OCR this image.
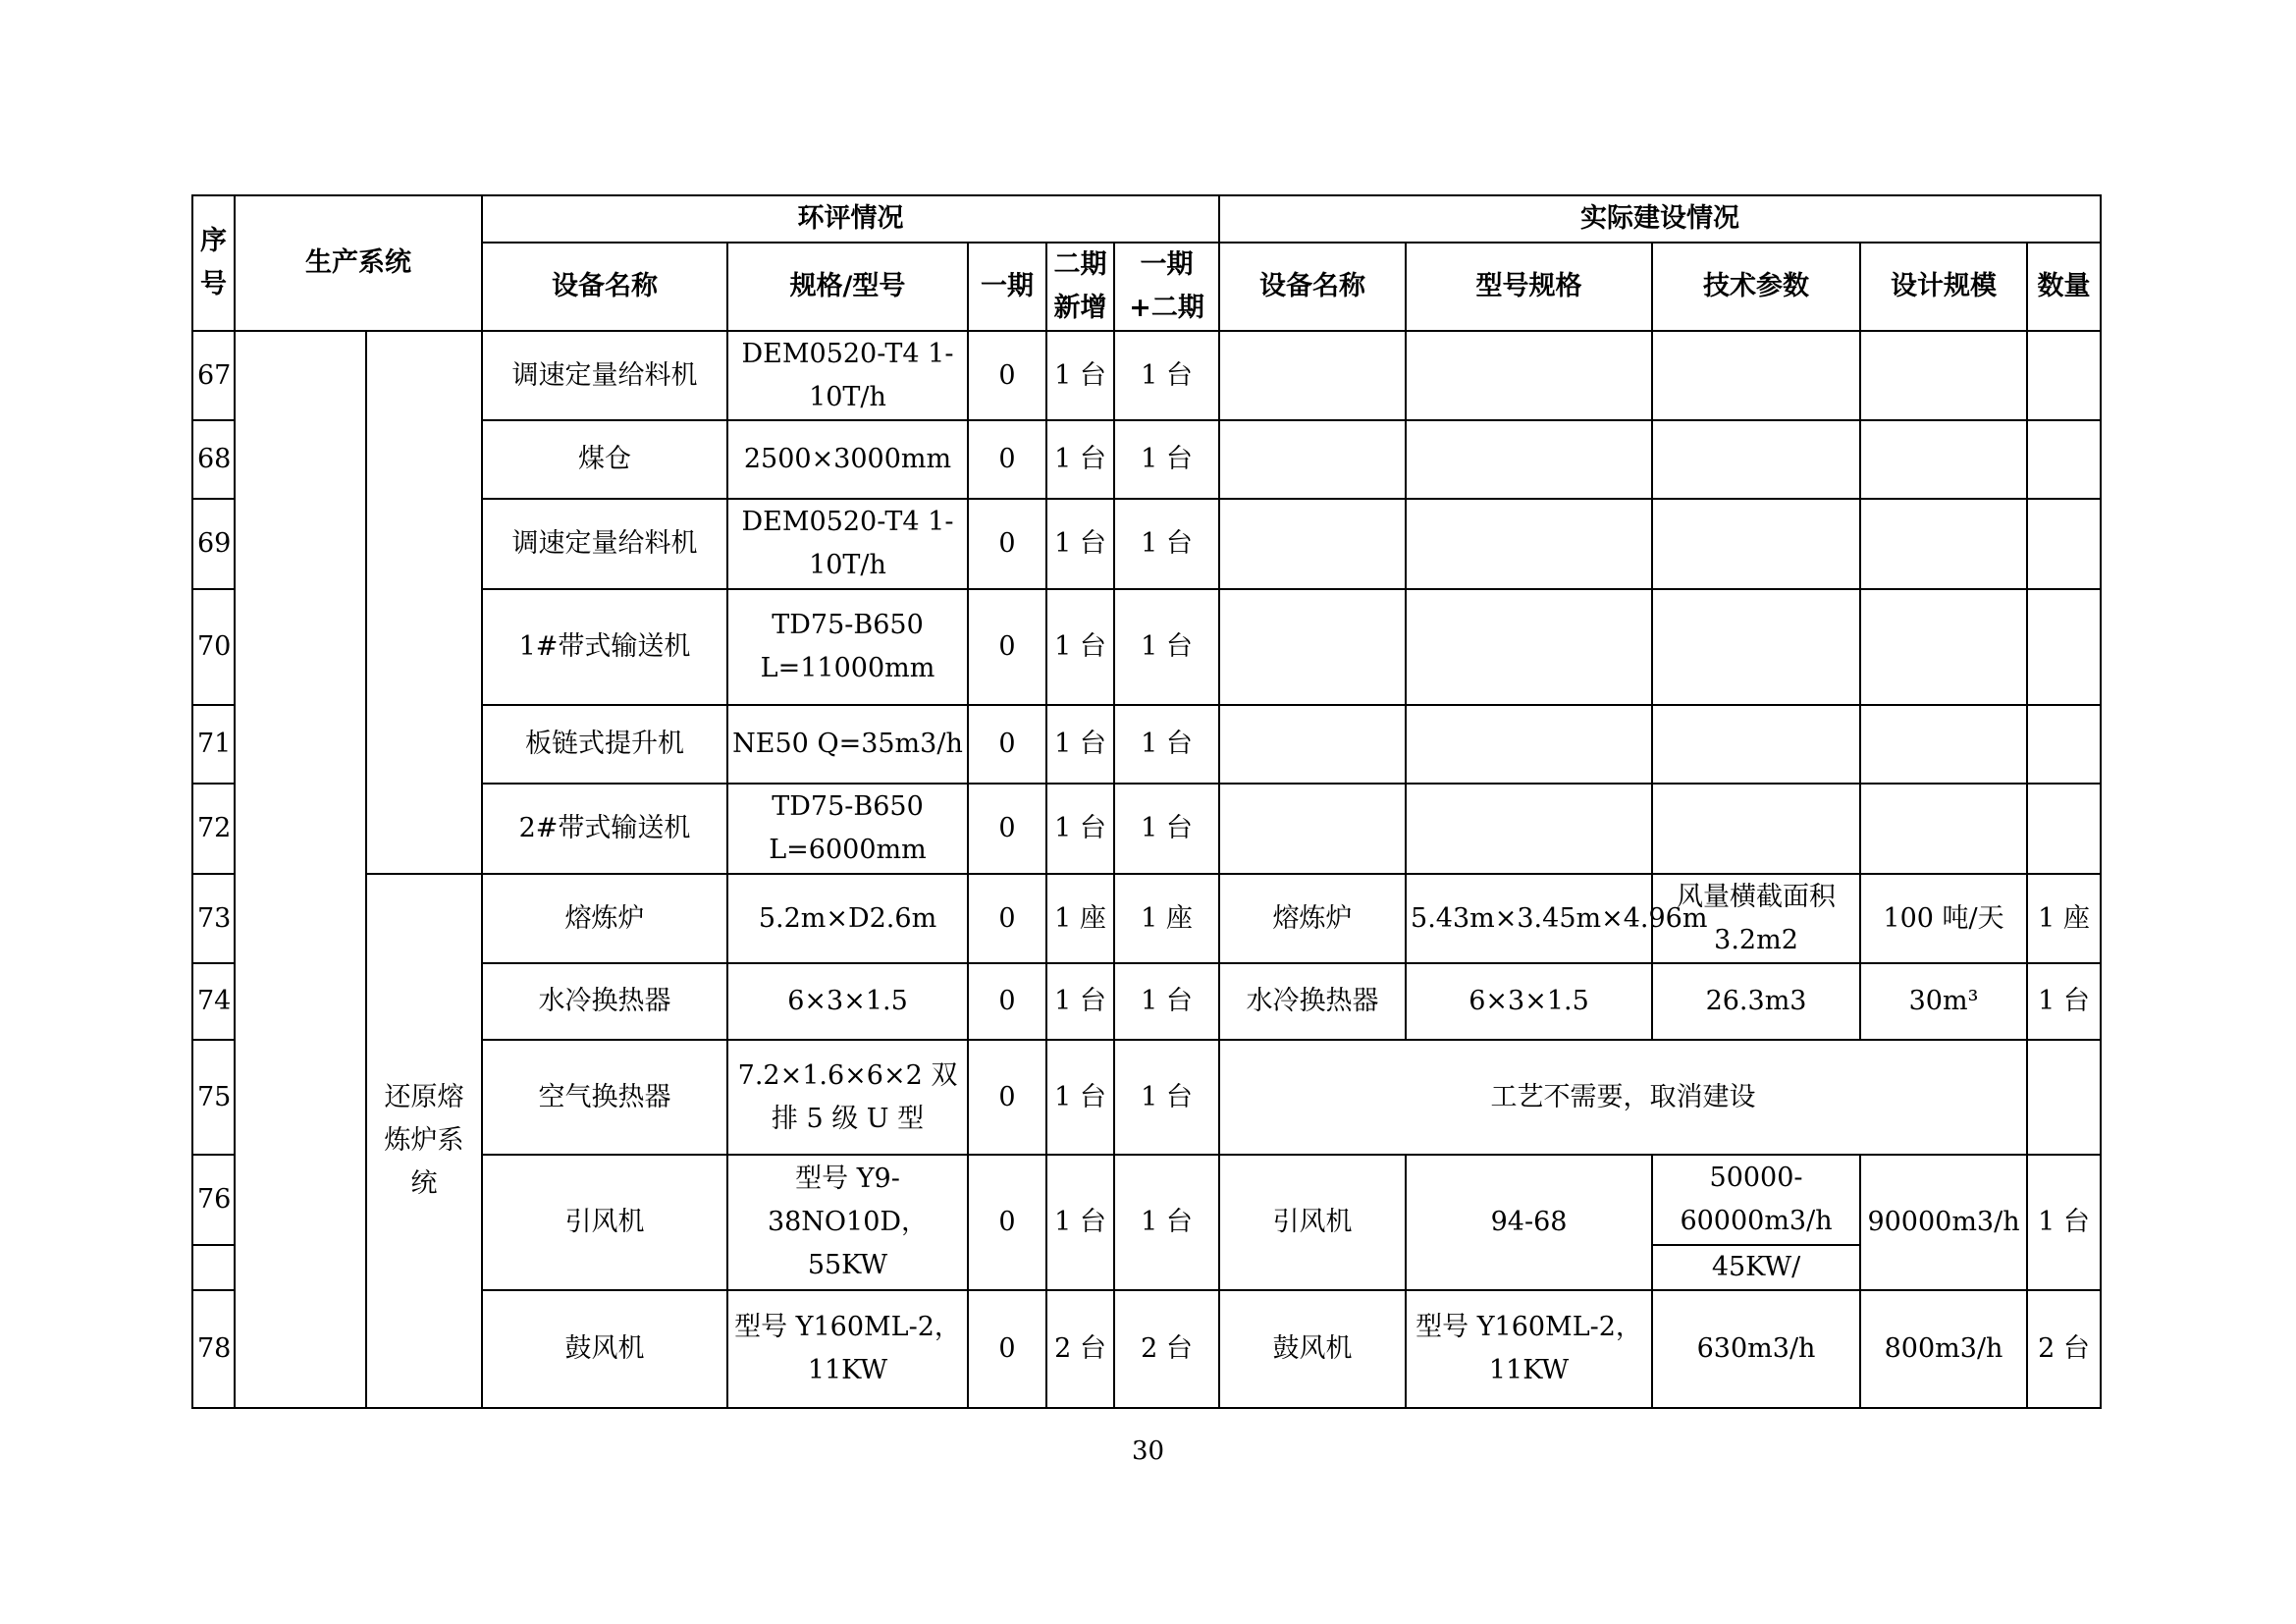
序号	生产系统		环评情况					实际建设情况				
			设备名称	规格/型号	一期	二期新增	一期+二期	设备名称	型号规格	技术参数	设计规模	数量
67			调速定量给料机	DEM0520-T4 1-10T/h	0	1 台	1 台					
68			煤仓	2500×3000mm	0	1 台	1 台					
69			调速定量给料机	DEM0520-T4 1-10T/h	0	1 台	1 台					
70			1#带式输送机	TD75-B650 L=11000mm	0	1 台	1 台					
71			板链式提升机	NE50 Q=35m3/h	0	1 台	1 台					
72			2#带式输送机	TD75-B650 L=6000mm	0	1 台	1 台					
73		还原熔炼炉系统	熔炼炉	5.2m×D2.6m	0	1 座	1 座	熔炼炉	5.43m×3.45m×4.96m	风量横截面积 3.2m2	100 吨/天	1 座
74			水冷换热器	6×3×1.5	0	1 台	1 台	水冷换热器	6×3×1.5	26.3m3	30m³	1 台
75			空气换热器	7.2×1.6×6×2 双排 5 级 U 型	0	1 台	1 台	工艺不需要，取消建设				
76			引风机	型号 Y9-38NO10D，55KW	0	1 台	1 台	引风机	94-68	50000-60000m3/h	90000m3/h	1 台
										45KW/		
78			鼓风机	型号 Y160ML-2，11KW	0	2 台	2 台	鼓风机	型号 Y160ML-2，11KW	630m3/h	800m3/h	2 台
30
